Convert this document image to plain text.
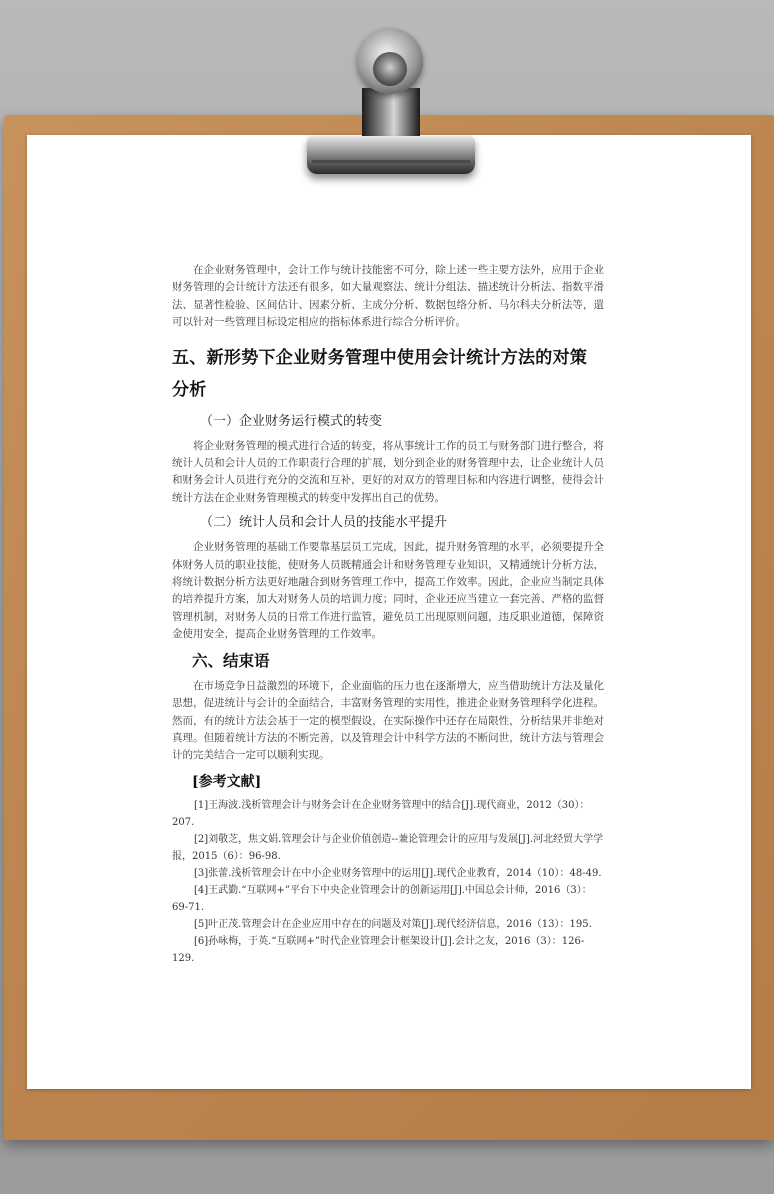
在企业财务管理中，会计工作与统计技能密不可分，除上述一些主要方法外，应用于企业财务管理的会计统计方法还有很多，如大量观察法、统计分组法、描述统计分析法、指数平滑法、显著性检验、区间估计、因素分析、主成分分析、数据包络分析、马尔科夫分析法等，還可以针对一些管理目标设定相应的指标体系进行综合分析评价。

五、新形势下企业财务管理中使用会计统计方法的对策分析
（一）企业财务运行模式的转变

将企业财务管理的模式进行合适的转变，将从事统计工作的员工与财务部门进行整合，将统计人员和会计人员的工作职责行合理的扩展，划分到企业的财务管理中去，让企业统计人员和财务会计人员进行充分的交流和互补，更好的对双方的管理目标和内容进行调整，使得会计统计方法在企业财务管理模式的转变中发挥出自己的优势。

（二）统计人员和会计人员的技能水平提升

企业财务管理的基础工作要靠基层员工完成，因此，提升财务管理的水平，必须要提升全体财务人员的职业技能，使财务人员既精通会计和财务管理专业知识，又精通统计分析方法，将统计数据分析方法更好地融合到财务管理工作中，提高工作效率。因此，企业应当制定具体的培养提升方案，加大对财务人员的培训力度；同时，企业还应当建立一套完善、严格的监督管理机制，对财务人员的日常工作进行监管，避免员工出现原则问题，违反职业道德，保障资金使用安全，提高企业财务管理的工作效率。

六、结束语

在市场竞争日益激烈的环境下，企业面临的压力也在逐渐增大，应当借助统计方法及量化思想，促进统计与会计的全面结合，丰富财务管理的实用性，推进企业财务管理科学化进程。然而，有的统计方法会基于一定的模型假设，在实际操作中还存在局限性，分析结果并非绝对真理。但随着统计方法的不断完善，以及管理会计中科学方法的不断问世，统计方法与管理会计的完美结合一定可以顺利实现。

[参考文献]

[1]王海波.浅析管理会计与财务会计在企业财务管理中的结合[J].现代商业，2012（30）：207.

[2]刘敬芝，焦文娟.管理会计与企业价值创造--兼论管理会计的应用与发展[J].河北经贸大学学报，2015（6）：96-98.

[3]张蕾.浅析管理会计在中小企业财务管理中的运用[J].现代企业教育，2014（10）：48-49.

[4]王武勤.“互联网+”平台下中央企业管理会计的创新运用[J].中国总会计师，2016（3）：69-71.

[5]叶正茂.管理会计在企业应用中存在的问题及对策[J].现代经济信息，2016（13）：195.

[6]孙咏梅，于英.“互联网+”时代企业管理会计框架设计[J].会计之友，2016（3）：126-129.
